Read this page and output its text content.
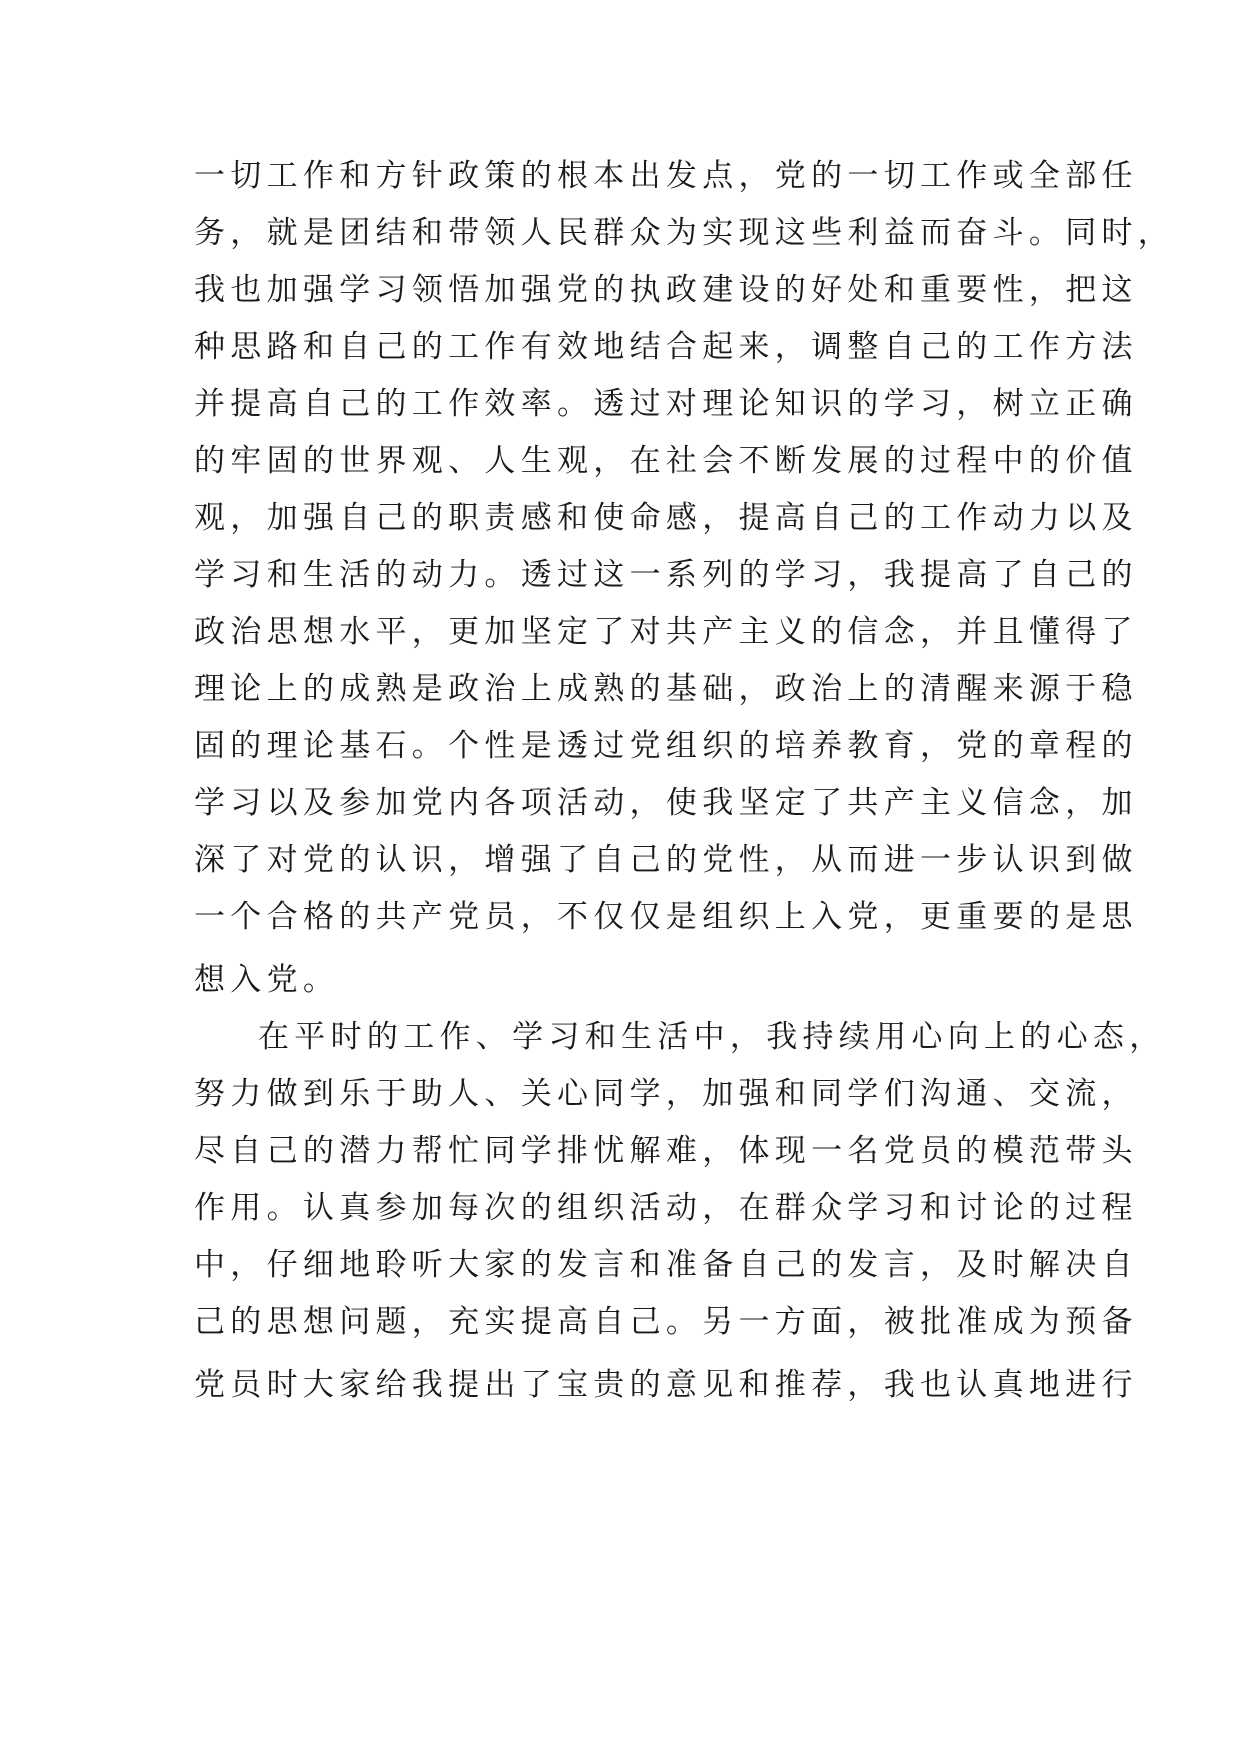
一切工作和方针政策的根本出发点，党的一切工作或全部任
务，就是团结和带领人民群众为实现这些利益而奋斗。同时，
我也加强学习领悟加强党的执政建设的好处和重要性，把这
种思路和自己的工作有效地结合起来，调整自己的工作方法
并提高自己的工作效率。透过对理论知识的学习，树立正确
的牢固的世界观、人生观，在社会不断发展的过程中的价值
观，加强自己的职责感和使命感，提高自己的工作动力以及
学习和生活的动力。透过这一系列的学习，我提高了自己的
政治思想水平，更加坚定了对共产主义的信念，并且懂得了
理论上的成熟是政治上成熟的基础，政治上的清醒来源于稳
固的理论基石。个性是透过党组织的培养教育，党的章程的
学习以及参加党内各项活动，使我坚定了共产主义信念，加
深了对党的认识，增强了自己的党性，从而进一步认识到做
一个合格的共产党员，不仅仅是组织上入党，更重要的是思
想入党。
在平时的工作、学习和生活中，我持续用心向上的心态，
努力做到乐于助人、关心同学，加强和同学们沟通、交流，
尽自己的潜力帮忙同学排忧解难，体现一名党员的模范带头
作用。认真参加每次的组织活动，在群众学习和讨论的过程
中，仔细地聆听大家的发言和准备自己的发言，及时解决自
己的思想问题，充实提高自己。另一方面，被批准成为预备
党员时大家给我提出了宝贵的意见和推荐，我也认真地进行
